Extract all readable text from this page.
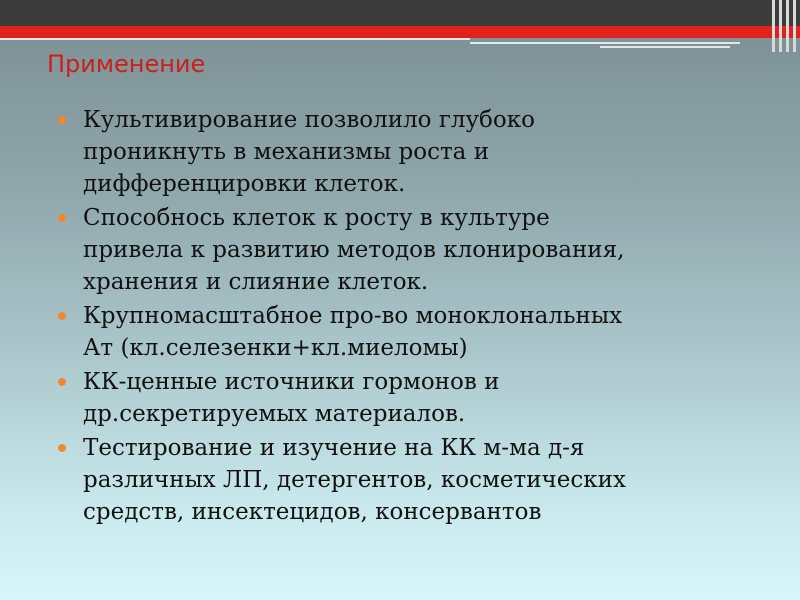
Применение
Культивирование позволило глубоко
проникнуть в механизмы роста и
дифференцировки клеток.
Способнось клеток к росту в культуре
привела к развитию методов клонирования,
хранения и слияние клеток.
Крупномасштабное про-во моноклональных
Ат (кл.селезенки+кл.миеломы)
КК-ценные источники гормонов и
др.секретируемых материалов.
Тестирование и изучение на КК м-ма д-я
различных ЛП, детергентов, косметических
средств, инсектецидов, консервантов
